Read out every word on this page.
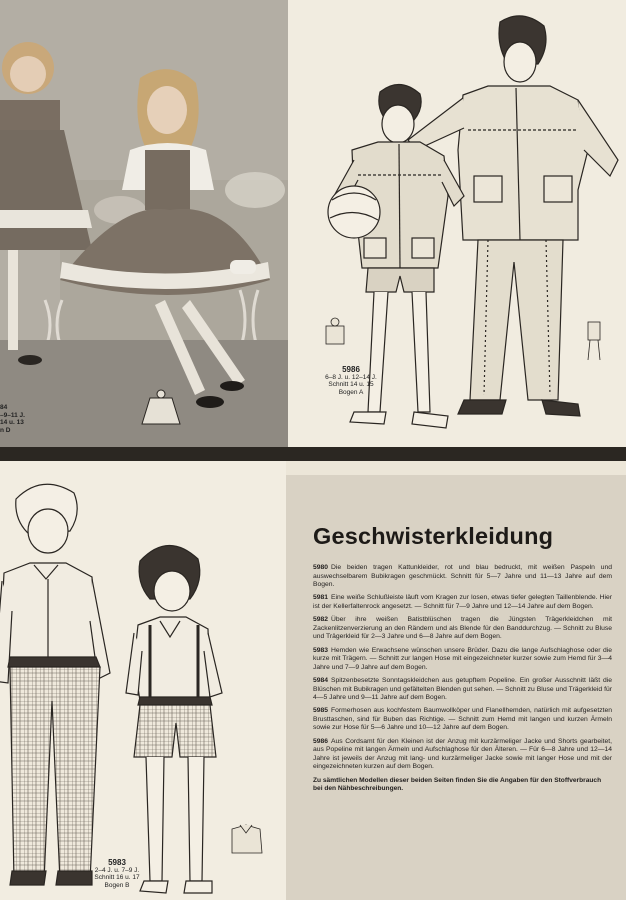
84
–9–11 J.
14 u. 13
n D
5986
6–8 J. u. 12–14 J.
Schnitt 14 u. 15
Bogen A
5983
2–4 J. u. 7–9 J.
Schnitt 16 u. 17
Bogen B
Geschwisterkleidung

5980 Die beiden tragen Kattunkleider, rot und blau bedruckt, mit weißen Paspeln und auswechselbarem Bubikragen geschmückt. Schnitt für 5—7 Jahre und 11—13 Jahre auf dem Bogen.

5981 Eine weiße Schlußleiste läuft vom Kragen zur losen, etwas tiefer gelegten Taillenblende. Hier ist der Kellerfaltenrock angesetzt. — Schnitt für 7—9 Jahre und 12—14 Jahre auf dem Bogen.

5982 Über ihre weißen Batistblüschen tragen die Jüngsten Trägerkleidchen mit Zackenlitzenverzierung an den Rändern und als Blende für den Banddurchzug. — Schnitt zu Bluse und Trägerkleid für 2—3 Jahre und 6—8 Jahre auf dem Bogen.

5983 Hemden wie Erwachsene wünschen unsere Brüder. Dazu die lange Aufschlaghose oder die kurze mit Trägern. — Schnitt zur langen Hose mit eingezeichneter kurzer sowie zum Hemd für 3—4 Jahre und 7—9 Jahre auf dem Bogen.

5984 Spitzenbesetzte Sonntagskleidchen aus getupftem Popeline. Ein großer Ausschnitt läßt die Blüschen mit Bubikragen und gefältelten Blenden gut sehen. — Schnitt zu Bluse und Trägerkleid für 4—5 Jahre und 9—11 Jahre auf dem Bogen.

5985 Formerhosen aus kochfestem Baumwollköper und Flanellhemden, natürlich mit aufgesetzten Brusttaschen, sind für Buben das Richtige. — Schnitt zum Hemd mit langen und kurzen Ärmeln sowie zur Hose für 5—6 Jahre und 10—12 Jahre auf dem Bogen.

5986 Aus Cordsamt für den Kleinen ist der Anzug mit kurzärmeliger Jacke und Shorts gearbeitet, aus Popeline mit langen Ärmeln und Aufschlaghose für den Älteren. — Für 6—8 Jahre und 12—14 Jahre ist jeweils der Anzug mit lang- und kurzärmeliger Jacke sowie mit langer Hose und mit der eingezeichneten kurzen auf dem Bogen.

Zu sämtlichen Modellen dieser beiden Seiten finden Sie die Angaben für den Stoffverbrauch bei den Nähbeschreibungen.
